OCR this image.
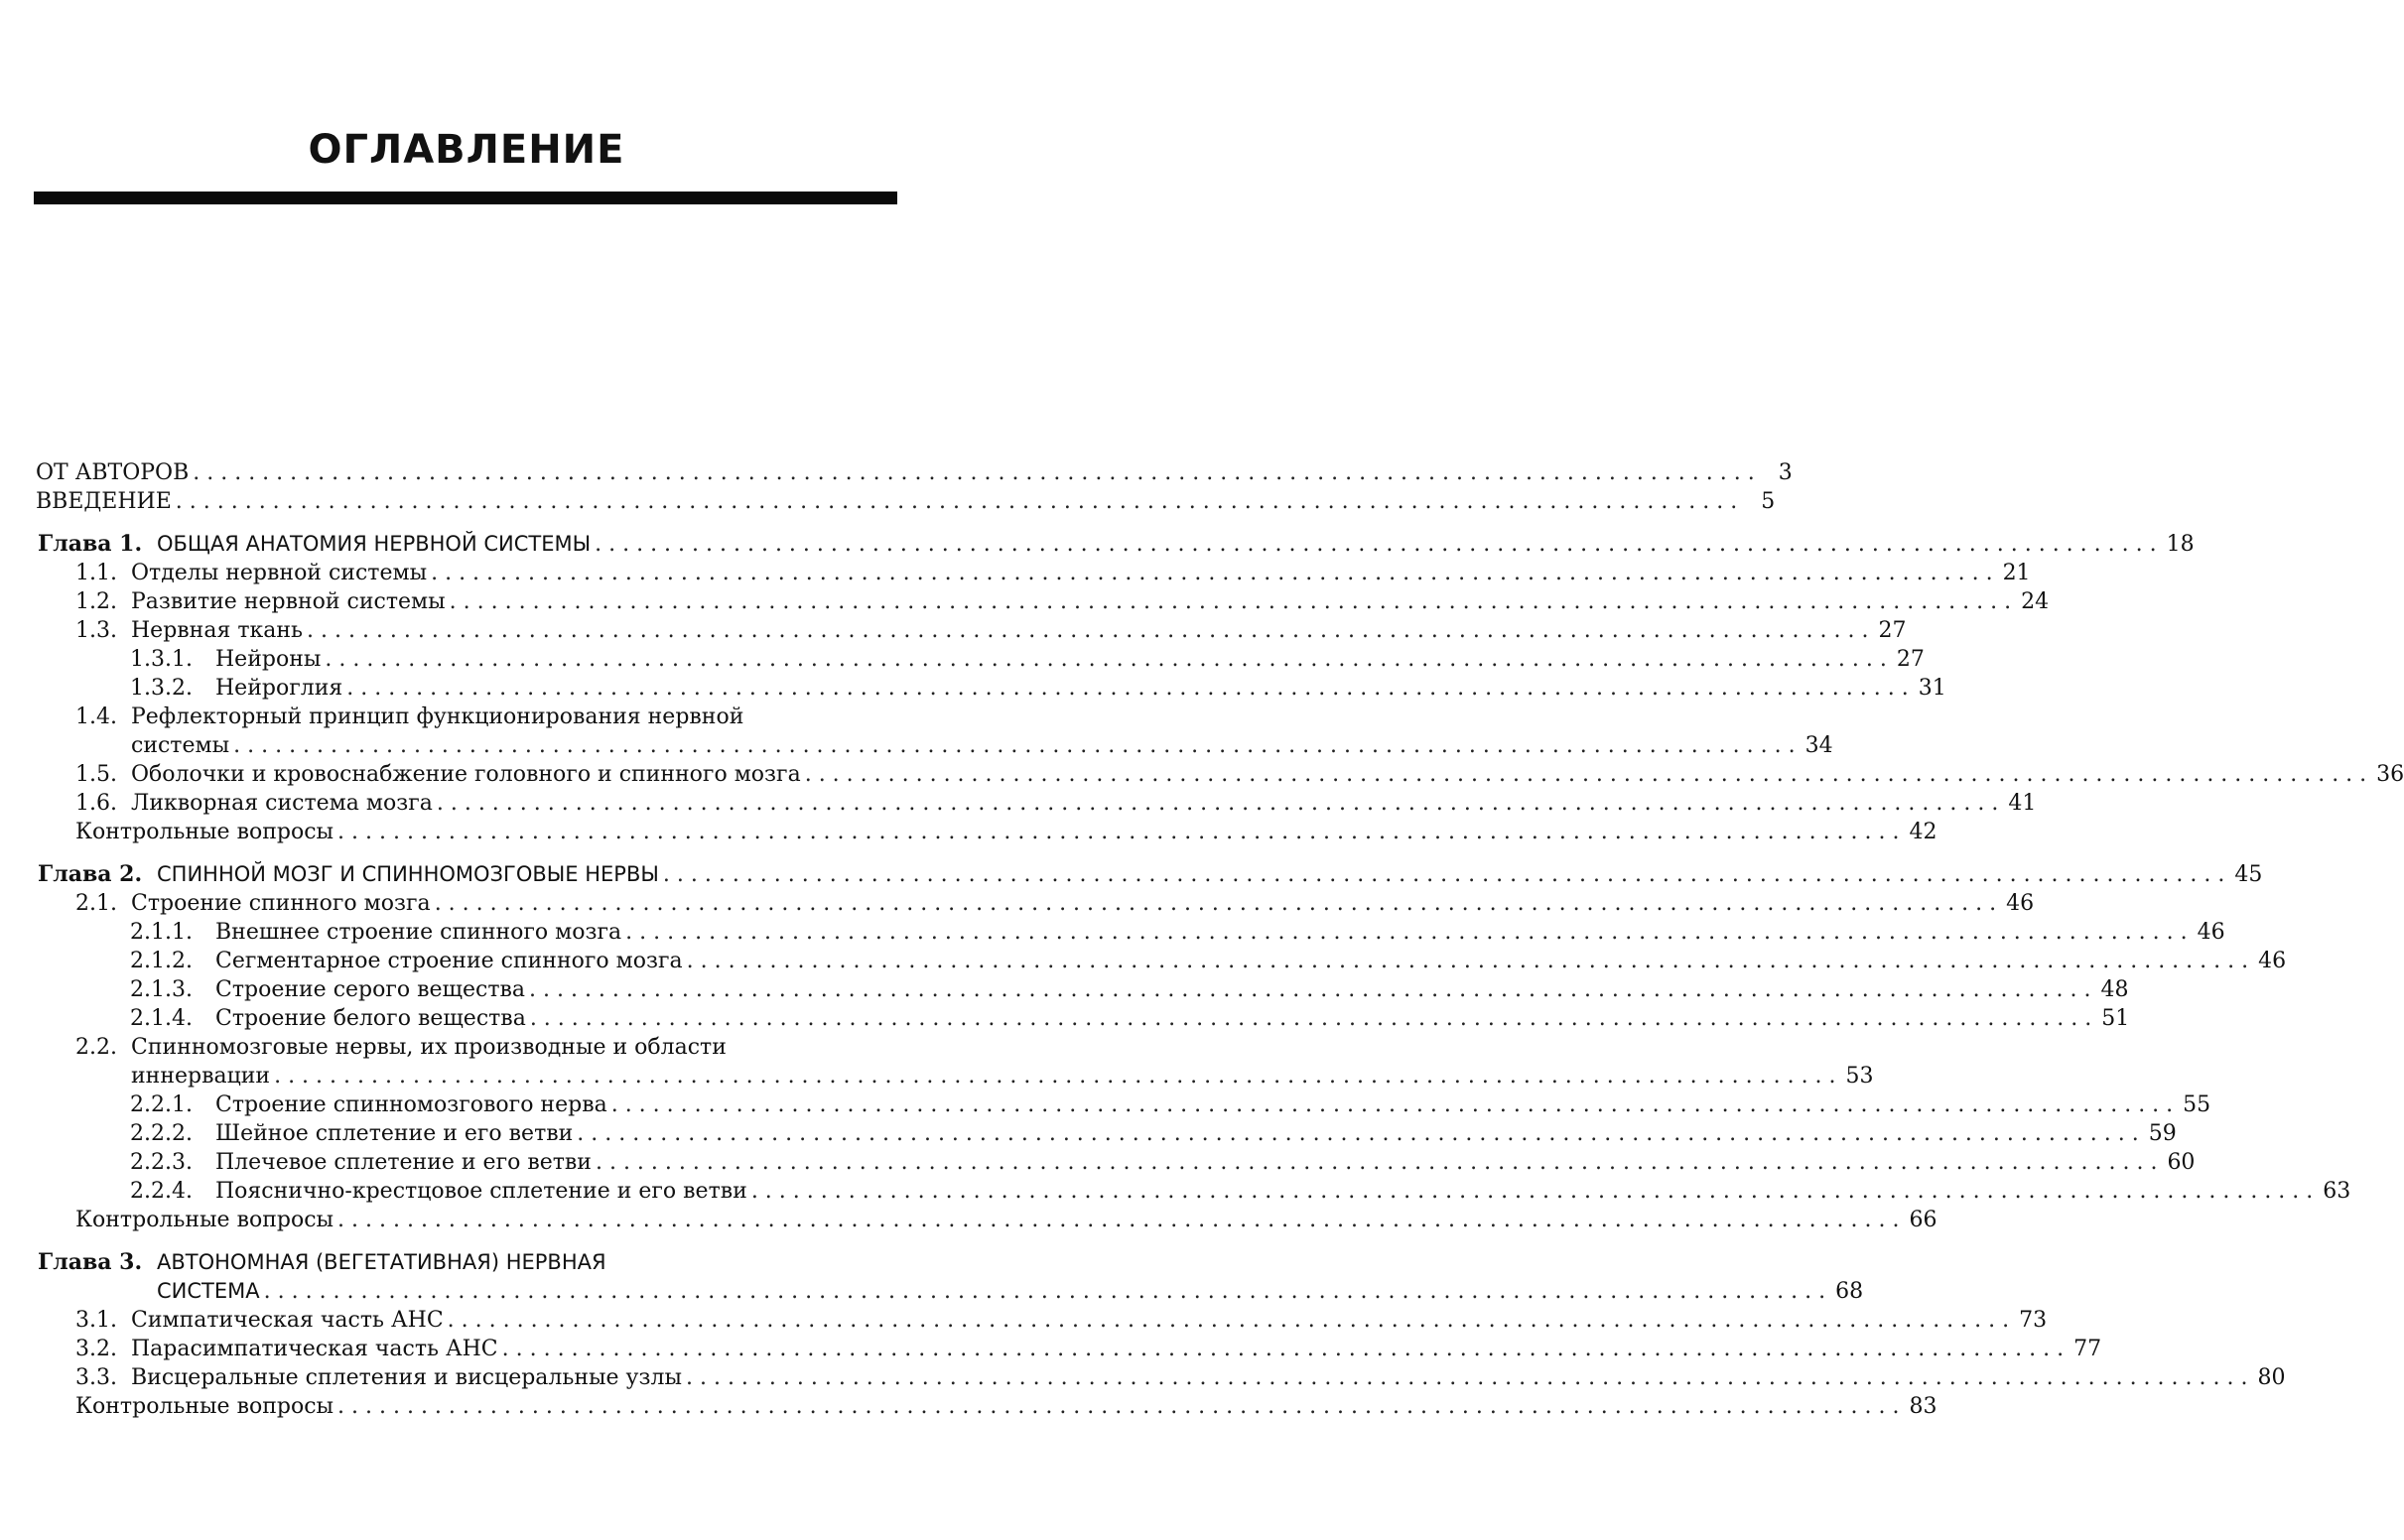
ОГЛАВЛЕНИЕ
ОТ АВТОРОВ . . .	3
ВВЕДЕНИЕ . . .	5
Глава 1. ОБЩАЯ АНАТОМИЯ НЕРВНОЙ СИСТЕМЫ . . .	18
1.1. Отделы нервной системы . . .	21
1.2. Развитие нервной системы . . .	24
1.3. Нервная ткань . . .	27
1.3.1.	Нейроны . . .	27
1.3.2.	Нейроглия . . .	31
1.4. Рефлекторный принцип функционирования нервной
системы . . .	34
1.5. Оболочки и кровоснабжение головного и спинного мозга . . .	36
1.6. Ликворная система мозга . . .	41
Контрольные вопросы . . .	42
Глава 2. СПИННОЙ МОЗГ И СПИННОМОЗГОВЫЕ НЕРВЫ . . .	45
2.1. Строение спинного мозга . . .	46
2.1.1.	Внешнее строение спинного мозга . . .	46
2.1.2.	Сегментарное строение спинного мозга . . .	46
2.1.3.	Строение серого вещества . . .	48
2.1.4.	Строение белого вещества . . .	51
2.2. Спинномозговые нервы, их производные и области
иннервации . . .	53
2.2.1.	Строение спинномозгового нерва . . .	55
2.2.2.	Шейное сплетение и его ветви . . .	59
2.2.3.	Плечевое сплетение и его ветви . . .	60
2.2.4.	Пояснично-крестцовое сплетение и его ветви . . .	63
Контрольные вопросы . . .	66
Глава 3. АВТОНОМНАЯ (ВЕГЕТАТИВНАЯ) НЕРВНАЯ
СИСТЕМА . . .	68
3.1. Симпатическая часть АНС . . .	73
3.2. Парасимпатическая часть АНС . . .	77
3.3. Висцеральные сплетения и висцеральные узлы . . .	80
Контрольные вопросы . . .	83
